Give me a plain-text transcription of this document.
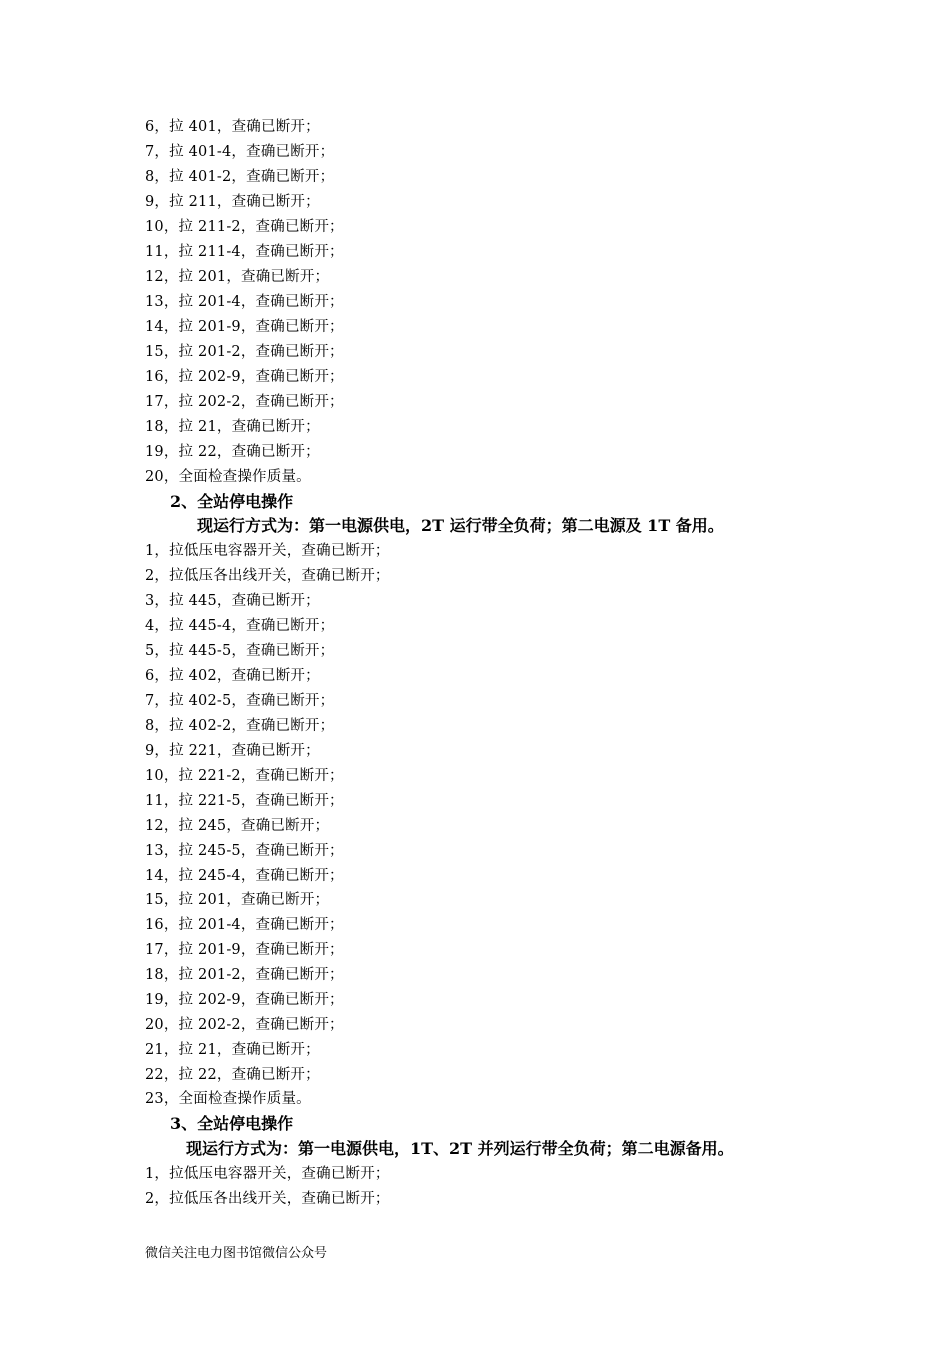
6，拉 401，查确已断开；
7，拉 401-4，查确已断开；
8，拉 401-2，查确已断开；
9，拉 211，查确已断开；
10，拉 211-2，查确已断开；
11，拉 211-4，查确已断开；
12，拉 201，查确已断开；
13，拉 201-4，查确已断开；
14，拉 201-9，查确已断开；
15，拉 201-2，查确已断开；
16，拉 202-9，查确已断开；
17，拉 202-2，查确已断开；
18，拉 21，查确已断开；
19，拉 22，查确已断开；
20，全面检查操作质量。
2、全站停电操作
现运行方式为：第一电源供电，2T 运行带全负荷；第二电源及 1T 备用。
1，拉低压电容器开关，查确已断开；
2，拉低压各出线开关，查确已断开；
3，拉 445，查确已断开；
4，拉 445-4，查确已断开；
5，拉 445-5，查确已断开；
6，拉 402，查确已断开；
7，拉 402-5，查确已断开；
8，拉 402-2，查确已断开；
9，拉 221，查确已断开；
10，拉 221-2，查确已断开；
11，拉 221-5，查确已断开；
12，拉 245，查确已断开；
13，拉 245-5，查确已断开；
14，拉 245-4，查确已断开；
15，拉 201，查确已断开；
16，拉 201-4，查确已断开；
17，拉 201-9，查确已断开；
18，拉 201-2，查确已断开；
19，拉 202-9，查确已断开；
20，拉 202-2，查确已断开；
21，拉 21，查确已断开；
22，拉 22，查确已断开；
23，全面检查操作质量。
3、全站停电操作
现运行方式为：第一电源供电，1T、2T 并列运行带全负荷；第二电源备用。
1，拉低压电容器开关，查确已断开；
2，拉低压各出线开关，查确已断开；
微信关注电力图书馆微信公众号
